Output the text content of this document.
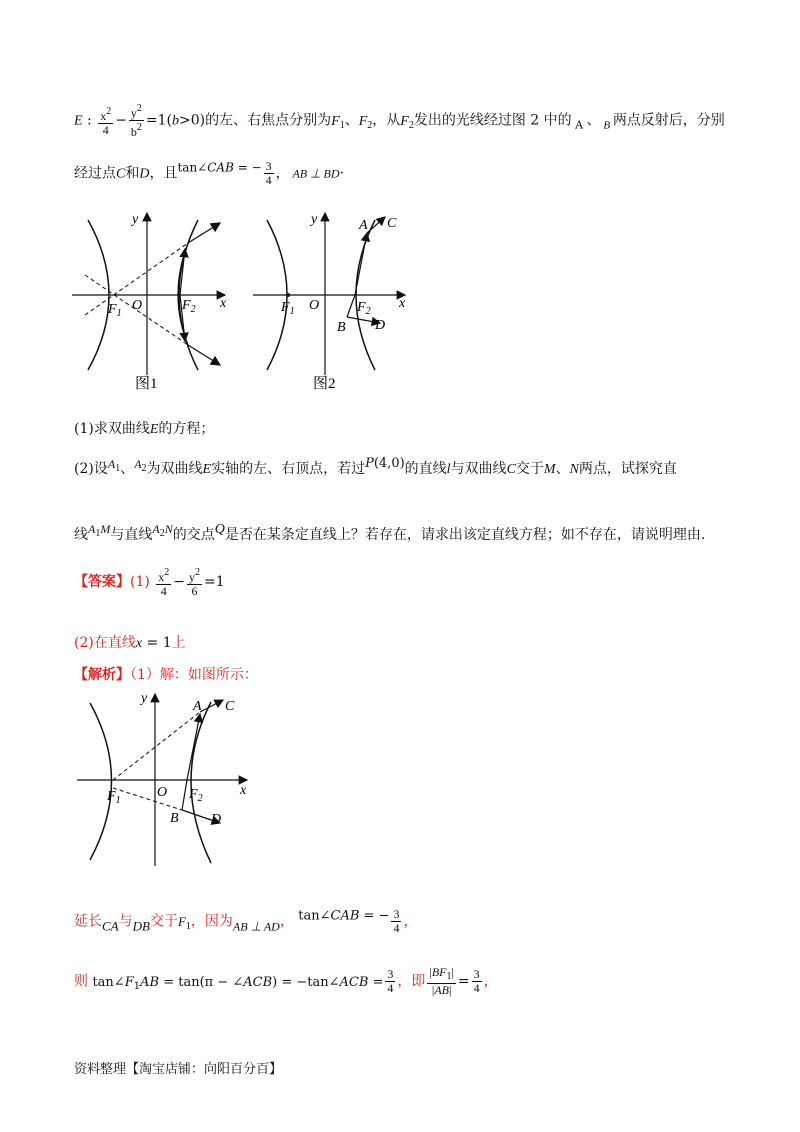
E : $\frac{x^2}{4} - \frac{y^2}{b^2} =1(b>0)$的左、右焦点分别为$F_1$、$F_2$，从$F_2$发出的光线经过图 2 中的 $_A$ 、 $_B$ 两点反射后，分别
经过点C和D，且tan∠CAB = − $\frac{3}{4}$ ， AB ⊥ BD·
y
x
$F_1$
O	$F_2$
图1
y
x
$F_1$ O	$F_2$
A C
B D
图2
(1)求双曲线E的方程；
(2)设$A_1$、$A_2$为双曲线E实轴的左、右顶点，若过P(4,0)的直线l与双曲线C交于M、N两点，试探究直
线$A_1M$与直线$A_2N$的交点Q是否在某条定直线上？若存在，请求出该定直线方程；如不存在，请说明理由.
【答案】$(1) \frac{x^2}{4} - \frac{y^2}{6} =1$
(2)在直线x = 1上
【解析】（1）解：如图所示：
y
x
$F_1$
O $F_2$
A C
B D
延长CA与DB交于$F_1$，因为AB ⊥ AD， tan∠CAB = − $\frac{3}{4}$ ，
则 $\tan\angle F_1AB = \tan(\pi$ − ∠ACB) = −tan∠ACB = $\frac{3}{4}$ ，即 $\frac{|BF_1|}{|AB|} = \frac{3}{4}$ ，
资料整理【淘宝店铺：向阳百分百】
